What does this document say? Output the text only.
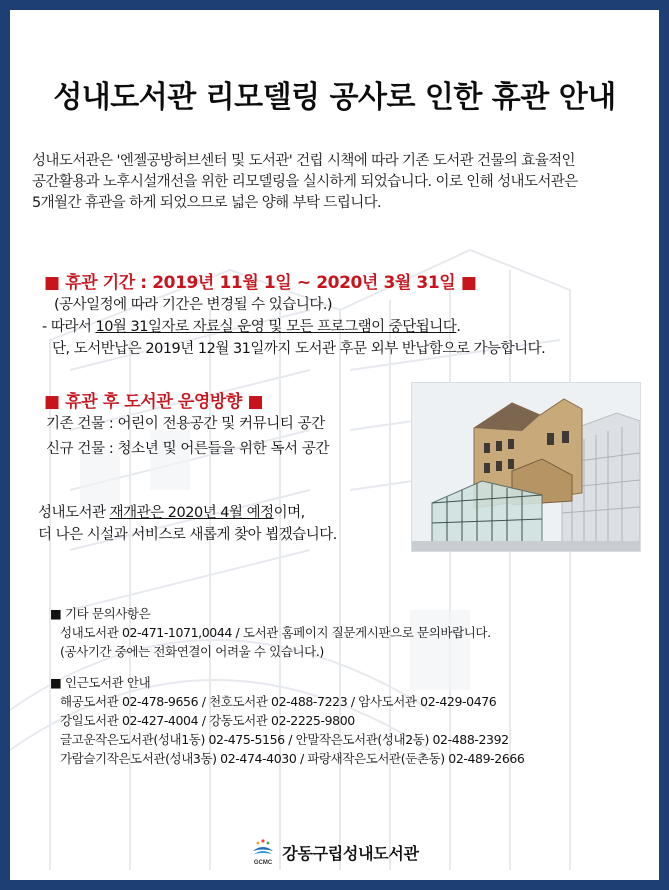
성내도서관 리모델링 공사로 인한 휴관 안내

성내도서관은 '엔젤공방허브센터 및 도서관' 건립 시책에 따라 기존 도서관 건물의 효율적인

공간활용과 노후시설개선을 위한 리모델링을 실시하게 되었습니다. 이로 인해 성내도서관은

5개월간 휴관을 하게 되었으므로 넓은 양해 부탁 드립니다.

■ 휴관 기간 : 2019년 11월 1일 ~ 2020년 3월 31일 ■

(공사일정에 따라 기간은 변경될 수 있습니다.)

- 따라서 10월 31일자로 자료실 운영 및 모든 프로그램이 중단됩니다.

단, 도서반납은 2019년 12월 31일까지 도서관 후문 외부 반납함으로 가능합니다.

■ 휴관 후 도서관 운영방향 ■

기존 건물 : 어린이 전용공간 및 커뮤니티 공간

신규 건물 : 청소년 및 어른들을 위한 독서 공간

성내도서관 재개관은 2020년 4월 예정이며,

더 나은 시설과 서비스로 새롭게 찾아 뵙겠습니다.

■ 기타 문의사항은

성내도서관 02-471-1071,0044 / 도서관 홈페이지 질문게시판으로 문의바랍니다.

(공사기간 중에는 전화연결이 어려울 수 있습니다.)

■ 인근도서관 안내

해공도서관 02-478-9656 / 천호도서관 02-488-7223 / 암사도서관 02-429-0476

강일도서관 02-427-4004 / 강동도서관 02-2225-9800

글고운작은도서관(성내1동) 02-475-5156 / 안말작은도서관(성내2동) 02-488-2392

가람슬기작은도서관(성내3동) 02-474-4030 / 파랑새작은도서관(둔촌동) 02-489-2666

GCMC
강동구립성내도서관
